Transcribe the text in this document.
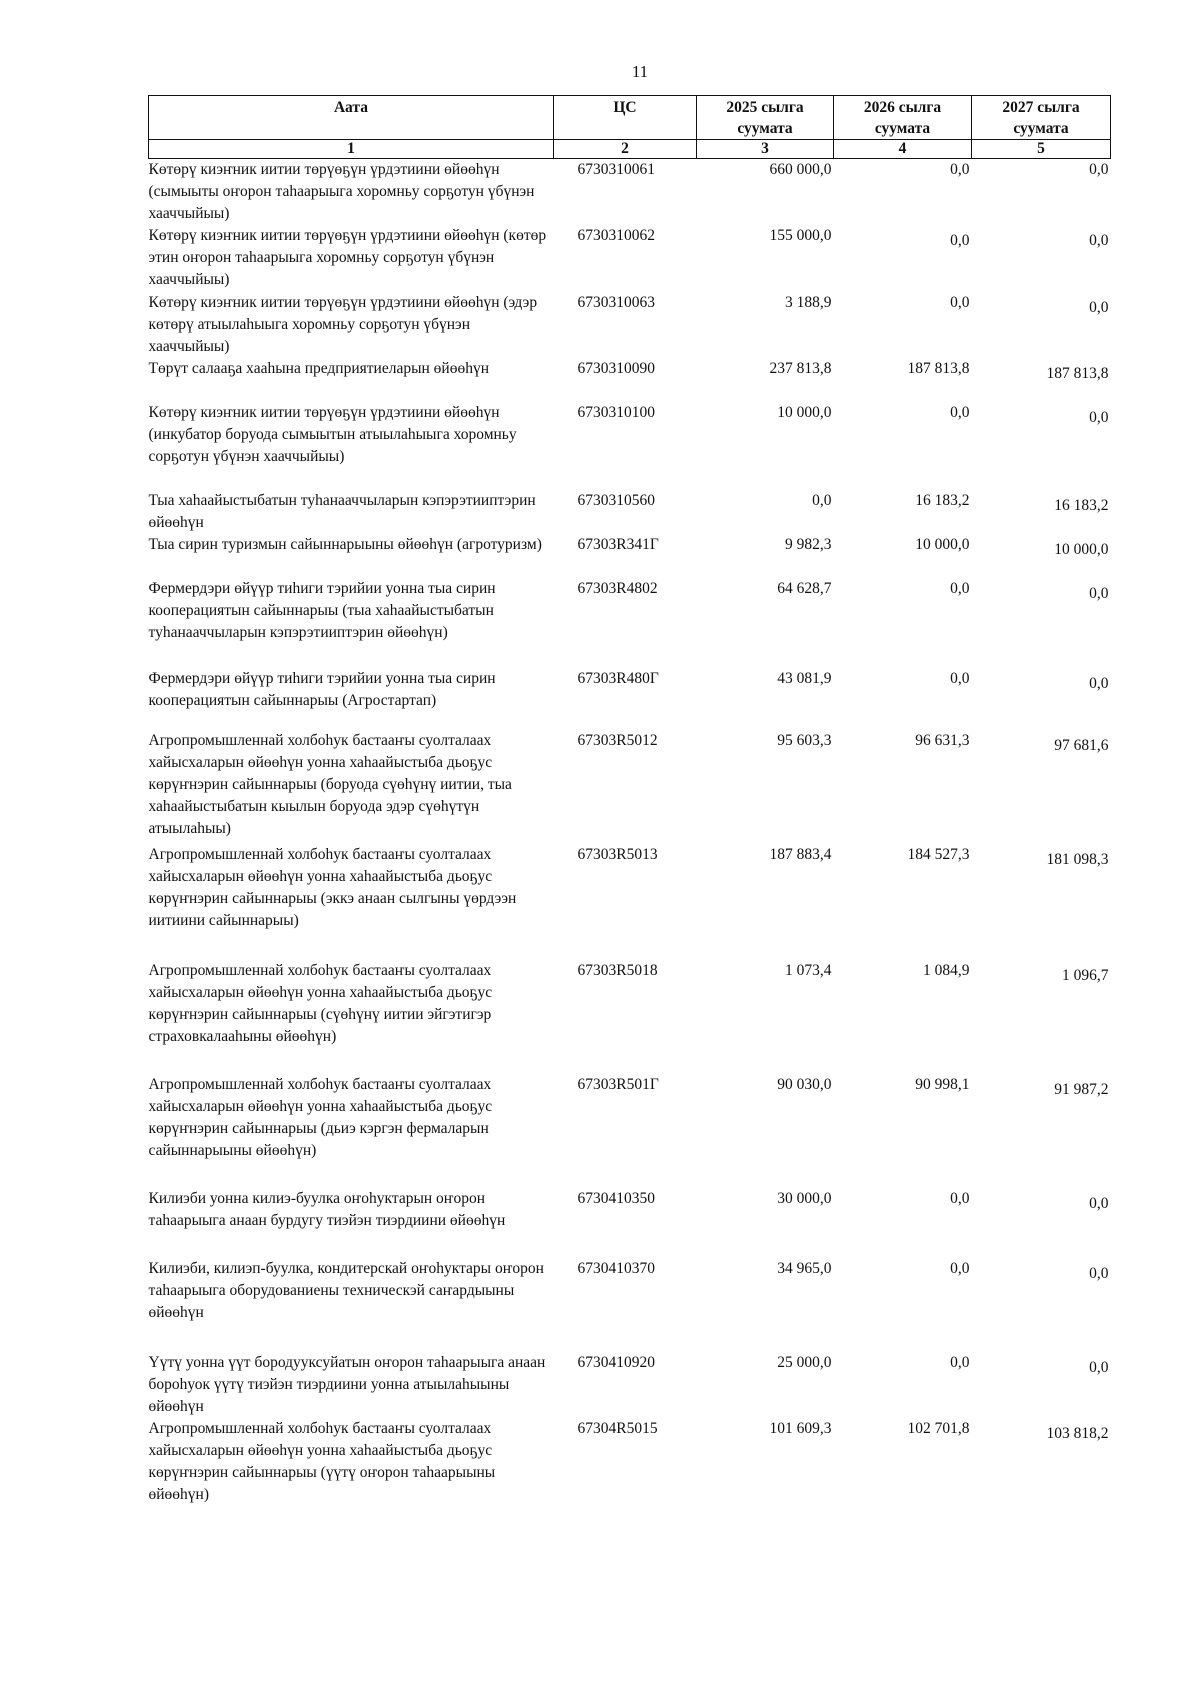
11
Аата	ЦС	2025 сылга суумата	2026 сылга суумата	2027 сылга суумата
1	2	3	4	5
Көтөрү киэҥник иитии төрүөҕүн үрдэтиини өйөөһүн (сымыыты оҥорон таһаарыыга хоромньу сорҕотун үбүнэн хааччыйыы)	6730310061	660 000,0	0,0	0,0
Көтөрү киэҥник иитии төрүөҕүн үрдэтиини өйөөһүн (көтөр этин оҥорон таһаарыыга хоромньу сорҕотун үбүнэн хааччыйыы)	6730310062	155 000,0	0,0	0,0
Көтөрү киэҥник иитии төрүөҕүн үрдэтиини өйөөһүн (эдэр көтөрү атыылаһыыга хоромньу сорҕотун үбүнэн хааччыйыы)	6730310063	3 188,9	0,0	0,0
Төрүт салааҕа хааһына предприятиеларын өйөөһүн	6730310090	237 813,8	187 813,8	187 813,8
Көтөрү киэҥник иитии төрүөҕүн үрдэтиини өйөөһүн (инкубатор боруода сымыытын атыылаһыыга хоромньу сорҕотун үбүнэн хааччыйыы)	6730310100	10 000,0	0,0	0,0
Тыа хаһаайыстыбатын туһанааччыларын кэпэрэтииптэрин өйөөһүн	6730310560	0,0	16 183,2	16 183,2
Тыа сирин туризмын сайыннарыыны өйөөһүн (агротуризм)	67303R341Г	9 982,3	10 000,0	10 000,0
Фермердэри өйүүр тиһиги тэрийии уонна тыа сирин кооперациятын сайыннарыы (тыа хаһаайыстыбатын туһанааччыларын кэпэрэтииптэрин өйөөһүн)	67303R4802	64 628,7	0,0	0,0
Фермердэри өйүүр тиһиги тэрийии уонна тыа сирин кооперациятын сайыннарыы (Агростартап)	67303R480Г	43 081,9	0,0	0,0
Агропромышленнай холбоһук бастааҥы суолталаах хайысхаларын өйөөһүн уонна хаһаайыстыба дьоҕус көрүҥнэрин сайыннарыы (боруода сүөһүнү иитии, тыа хаһаайыстыбатын кыылын боруода эдэр сүөһүтүн атыылаһыы)	67303R5012	95 603,3	96 631,3	97 681,6
Агропромышленнай холбоһук бастааҥы суолталаах хайысхаларын өйөөһүн уонна хаһаайыстыба дьоҕус көрүҥнэрин сайыннарыы (эккэ анаан сылгыны үөрдээн иитиини сайыннарыы)	67303R5013	187 883,4	184 527,3	181 098,3
Агропромышленнай холбоһук бастааҥы суолталаах хайысхаларын өйөөһүн уонна хаһаайыстыба дьоҕус көрүҥнэрин сайыннарыы (сүөһүнү иитии эйгэтигэр страховкалааһыны өйөөһүн)	67303R5018	1 073,4	1 084,9	1 096,7
Агропромышленнай холбоһук бастааҥы суолталаах хайысхаларын өйөөһүн уонна хаһаайыстыба дьоҕус көрүҥнэрин сайыннарыы (дьиэ кэргэн фермаларын сайыннарыыны өйөөһүн)	67303R501Г	90 030,0	90 998,1	91 987,2
Килиэби уонна килиэ-буулка оҥоһуктарын оҥорон таһаарыыга анаан бурдугу тиэйэн тиэрдиини өйөөһүн	6730410350	30 000,0	0,0	0,0
Килиэби, килиэп-буулка, кондитерскай оҥоһуктары оҥорон таһаарыыга оборудованиены техническэй саҥардыыны өйөөһүн	6730410370	34 965,0	0,0	0,0
Үүтү уонна үүт бородууксуйатын оҥорон таһаарыыга анаан бороһуок үүтү тиэйэн тиэрдиини уонна атыылаһыыны өйөөһүн	6730410920	25 000,0	0,0	0,0
Агропромышленнай холбоһук бастааҥы суолталаах хайысхаларын өйөөһүн уонна хаһаайыстыба дьоҕус көрүҥнэрин сайыннарыы (үүтү оҥорон таһаарыыны өйөөһүн)	67304R5015	101 609,3	102 701,8	103 818,2
